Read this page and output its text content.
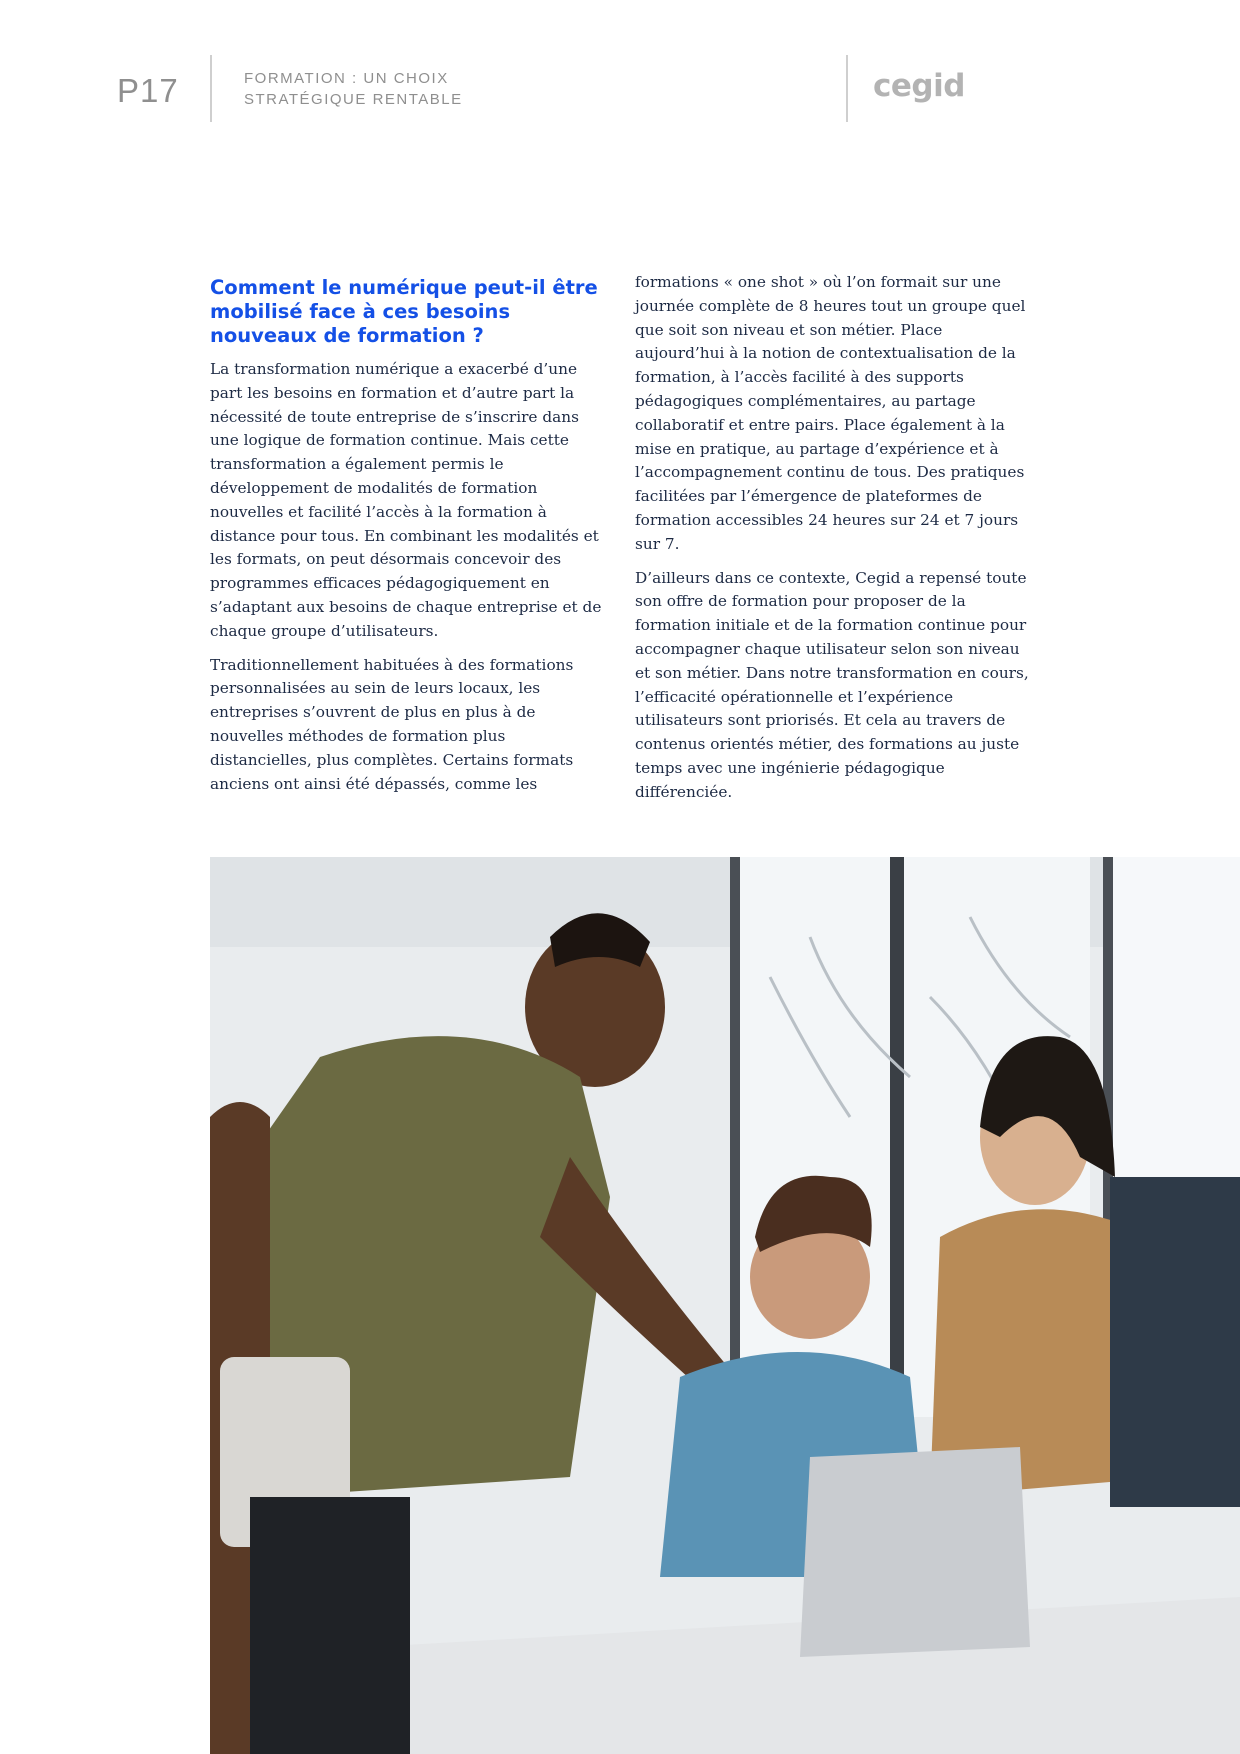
P17	FORMATION : UN CHOIX
STRATÉGIQUE RENTABLE	cegid
Comment le numérique peut-il être mobilisé face à ces besoins nouveaux de formation ?

La transformation numérique a exacerbé d’une part les besoins en formation et d’autre part la nécessité de toute entreprise de s’inscrire dans une logique de formation continue. Mais cette transformation a également permis le développement de modalités de formation nouvelles et facilité l’accès à la formation à distance pour tous. En combinant les modalités et les formats, on peut désormais concevoir des programmes efficaces pédagogiquement en s’adaptant aux besoins de chaque entreprise et de chaque groupe d’utilisateurs.

Traditionnellement habituées à des formations personnalisées au sein de leurs locaux, les entreprises s’ouvrent de plus en plus à de nouvelles méthodes de formation plus distancielles, plus complètes. Certains formats anciens ont ainsi été dépassés, comme les

formations « one shot » où l’on formait sur une journée complète de 8 heures tout un groupe quel que soit son niveau et son métier. Place aujourd’hui à la notion de contextualisation de la formation, à l’accès facilité à des supports pédagogiques complémentaires, au partage collaboratif et entre pairs. Place également à la mise en pratique, au partage d’expérience et à l’accompagnement continu de tous. Des pratiques facilitées par l’émergence de plateformes de formation accessibles 24 heures sur 24 et 7 jours sur 7.

D’ailleurs dans ce contexte, Cegid a repensé toute son offre de formation pour proposer de la formation initiale et de la formation continue pour accompagner chaque utilisateur selon son niveau et son métier. Dans notre transformation en cours, l’efficacité opérationnelle et l’expérience utilisateurs sont priorisés. Et cela au travers de contenus orientés métier, des formations au juste temps avec une ingénierie pédagogique différenciée.
